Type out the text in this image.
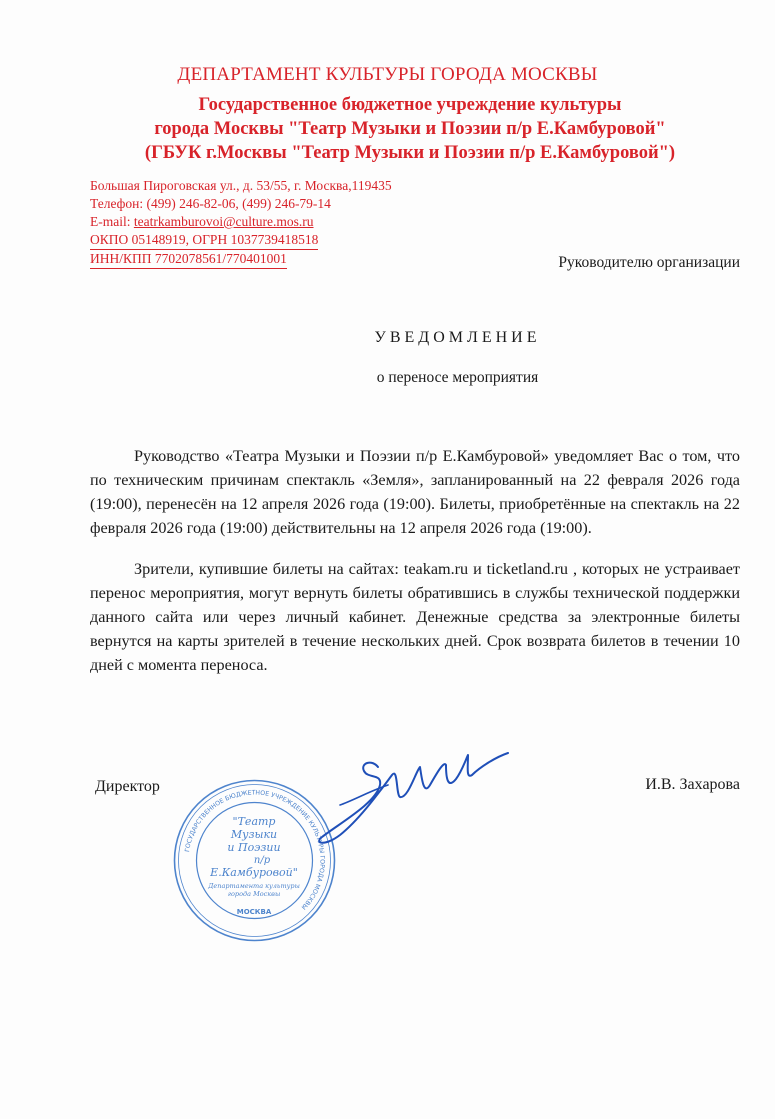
ДЕПАРТАМЕНТ КУЛЬТУРЫ ГОРОДА МОСКВЫ
Государственное бюджетное учреждение культуры
города Москвы "Театр Музыки и Поэзии п/р Е.Камбуровой"
(ГБУК г.Москвы "Театр Музыки и Поэзии п/р Е.Камбуровой")
Большая Пироговская ул., д. 53/55, г. Москва,119435
Телефон: (499) 246-82-06, (499) 246-79-14
E-mail: teatrkamburovoi@culture.mos.ru
ОКПО 05148919, ОГРН 1037739418518
ИНН/КПП 7702078561/770401001	Руководителю организации
УВЕДОМЛЕНИЕ
о переносе мероприятия

Руководство «Театра Музыки и Поэзии п/р Е.Камбуровой» уведомляет Вас о том, что по техническим причинам спектакль «Земля», запланированный на 22 февраля 2026 года (19:00), перенесён на 12 апреля 2026 года (19:00). Билеты, приобретённые на спектакль на 22 февраля 2026 года (19:00) действительны на 12 апреля 2026 года (19:00).

Зрители, купившие билеты на сайтах: teakam.ru и ticketland.ru , которых не устраивает перенос мероприятия, могут вернуть билеты обратившись в службы технической поддержки данного сайта или через личный кабинет. Денежные средства за электронные билеты вернутся на карты зрителей в течение нескольких дней. Срок возврата билетов в течении 10 дней с момента переноса.

Директор	И.В. Захарова
ГОСУДАРСТВЕННОЕ БЮДЖЕТНОЕ УЧРЕЖДЕНИЕ КУЛЬТУРЫ ГОРОДА МОСКВЫ
"Театр
Музыки
и Поэзии
п/р
Е.Камбуровой"
Департамента культуры
города Москвы
МОСКВА
